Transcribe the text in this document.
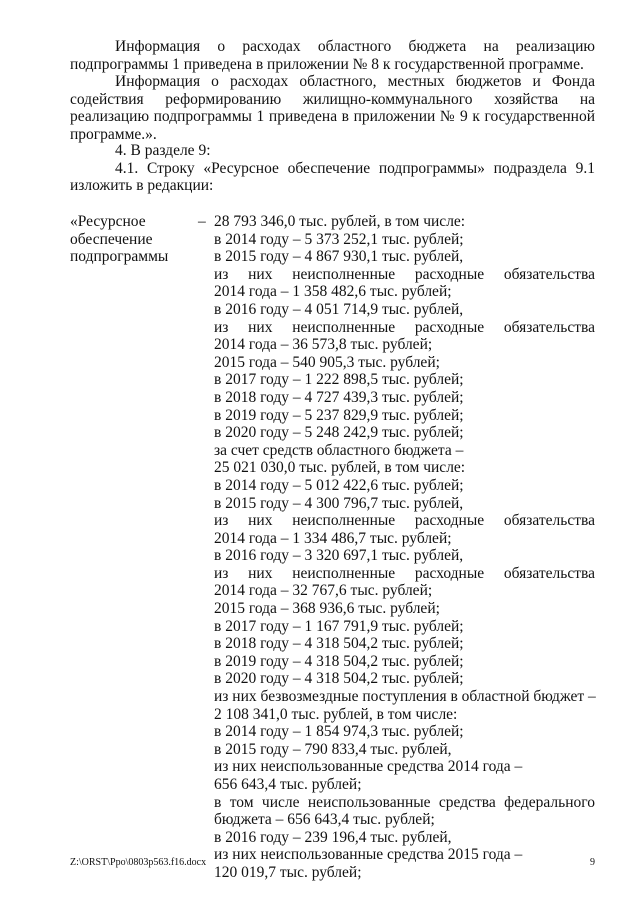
Информация о расходах областного бюджета на реализацию подпрограммы 1 приведена в приложении № 8 к государственной программе.

Информация о расходах областного, местных бюджетов и Фонда содействия реформированию жилищно-коммунального хозяйства на реализацию подпрограммы 1 приведена в приложении № 9 к государственной программе.».

4. В разделе 9:

4.1. Строку «Ресурсное обеспечение подпрограммы» подраздела 9.1 изложить в редакции:

«Ресурсное
обеспечение
подпрограммы
– 28 793 346,0 тыс. рублей, в том числе:
в 2014 году – 5 373 252,1 тыс. рублей;
в 2015 году – 4 867 930,1 тыс. рублей,
из них неисполненные расходные обязательства
2014 года – 1 358 482,6 тыс. рублей;
в 2016 году – 4 051 714,9 тыс. рублей,
из них неисполненные расходные обязательства
2014 года – 36 573,8 тыс. рублей;
2015 года – 540 905,3 тыс. рублей;
в 2017 году – 1 222 898,5 тыс. рублей;
в 2018 году – 4 727 439,3 тыс. рублей;
в 2019 году – 5 237 829,9 тыс. рублей;
в 2020 году – 5 248 242,9 тыс. рублей;
за счет средств областного бюджета –
25 021 030,0 тыс. рублей, в том числе:
в 2014 году – 5 012 422,6 тыс. рублей;
в 2015 году – 4 300 796,7 тыс. рублей,
из них неисполненные расходные обязательства
2014 года – 1 334 486,7 тыс. рублей;
в 2016 году – 3 320 697,1 тыс. рублей,
из них неисполненные расходные обязательства
2014 года – 32 767,6 тыс. рублей;
2015 года – 368 936,6 тыс. рублей;
в 2017 году – 1 167 791,9 тыс. рублей;
в 2018 году – 4 318 504,2 тыс. рублей;
в 2019 году – 4 318 504,2 тыс. рублей;
в 2020 году – 4 318 504,2 тыс. рублей;
из них безвозмездные поступления в областной бюджет –
2 108 341,0 тыс. рублей, в том числе:
в 2014 году – 1 854 974,3 тыс. рублей;
в 2015 году – 790 833,4 тыс. рублей,
из них неиспользованные средства 2014 года –
656 643,4 тыс. рублей;
в том числе неиспользованные средства федерального
бюджета – 656 643,4 тыс. рублей;
в 2016 году – 239 196,4 тыс. рублей,
из них неиспользованные средства 2015 года –
120 019,7 тыс. рублей;
Z:\ORST\Ppo\0803p563.f16.docx	9
